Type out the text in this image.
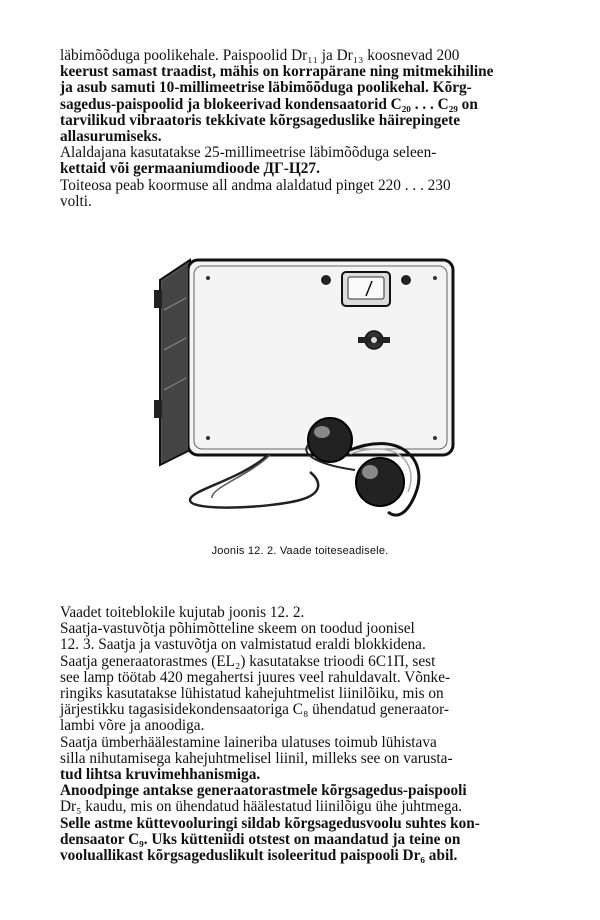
läbimõõduga poolikehale. Paispoolid Dr₁₁ ja Dr₁₃ koosnevad 200
keerust samast traadist, mähis on korrapärane ning mitmekihiline
ja asub samuti 10-millimeetrise läbimõõduga poolikehal. Kõrg-
sagedus-paispoolid ja blokeerivad kondensaatorid C₂₀ . . . C₂₉ on
tarvilikud vibraatoris tekkivate kõrgsageduslike häirepingete
allasurumiseks.
Alaldajana kasutatakse 25-millimeetrise läbimõõduga seleen-
kettaid või germaaniumdioode ДГ-Ц27.
Toiteosa peab koormuse all andma alaldatud pinget 220 . . . 230
volti.
Joonis 12. 2. Vaade toiteseadisele.
Vaadet toiteblokile kujutab joonis 12. 2.
Saatja-vastuvõtja põhimõtteline skeem on toodud joonisel
12. 3. Saatja ja vastuvõtja on valmistatud eraldi blokkidena.
Saatja generaatorastmes (EL₂) kasutatakse trioodi 6C1П, sest
see lamp töötab 420 megahertsi juures veel rahuldavalt. Võnke-
ringiks kasutatakse lühistatud kahejuhtmelist liinilõiku, mis on
järjestikku tagasisidekondensaatoriga C₈ ühendatud generaator-
lambi võre ja anoodiga.
Saatja ümberhäälestamine laineriba ulatuses toimub lühistava
silla nihutamisega kahejuhtmelisel liinil, milleks see on varusta-
tud lihtsa kruvimehhanismiga.
Anoodpinge antakse generaatorastmele kõrgsagedus-paispooli
Dr₅ kaudu, mis on ühendatud häälestatud liinilõigu ühe juhtmega.
Selle astme küttevooluringi sildab kõrgsagedusvoolu suhtes kon-
densaator C₉. Uks kütteniidi otstest on maandatud ja teine on
vooluallikast kõrgsageduslikult isoleeritud paispooli Dr₆ abil.
